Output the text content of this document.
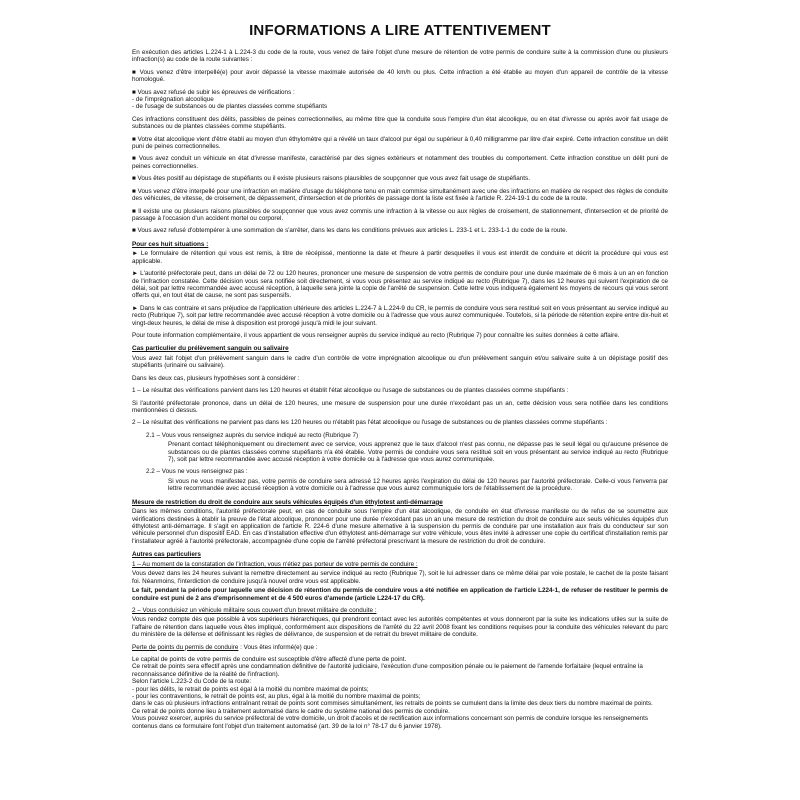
INFORMATIONS A LIRE ATTENTIVEMENT
En exécution des articles L.224-1 à L.224-3 du code de la route, vous venez de faire l'objet d'une mesure de rétention de votre permis de conduire suite à la commission d'une ou plusieurs infraction(s) au code de la route suivantes :
■ Vous venez d'être interpellé(e) pour avoir dépassé la vitesse maximale autorisée de 40 km/h ou plus. Cette infraction a été établie au moyen d'un appareil de contrôle de la vitesse homologué.
■ Vous avez refusé de subir les épreuves de vérifications :
- de l'imprégnation alcoolique
- de l'usage de substances ou de plantes classées comme stupéfiants
Ces infractions constituent des délits, passibles de peines correctionnelles, au même titre que la conduite sous l'empire d'un état alcoolique, ou en état d'ivresse ou après avoir fait usage de substances ou de plantes classées comme stupéfiants.
■ Votre état alcoolique vient d'être établi au moyen d'un éthylomètre qui a révélé un taux d'alcool pur égal ou supérieur à 0,40 milligramme par litre d'air expiré. Cette infraction constitue un délit puni de peines correctionnelles.
■ Vous avez conduit un véhicule en état d'ivresse manifeste, caractérisé par des signes extérieurs et notamment des troubles du comportement. Cette infraction constitue un délit puni de peines correctionnelles.
■ Vous êtes positif au dépistage de stupéfiants ou il existe plusieurs raisons plausibles de soupçonner que vous avez fait usage de stupéfiants.
■ Vous venez d'être interpellé pour une infraction en matière d'usage du téléphone tenu en main commise simultanément avec une des infractions en matière de respect des règles de conduite des véhicules, de vitesse, de croisement, de dépassement, d'intersection et de priorités de passage dont la liste est fixée à l'article R. 224-19-1 du code de la route.
■ Il existe une ou plusieurs raisons plausibles de soupçonner que vous avez commis une infraction à la vitesse ou aux règles de croisement, de stationnement, d'intersection et de priorité de passage à l'occasion d'un accident mortel ou corporel.
■ Vous avez refusé d'obtempérer à une sommation de s'arrêter, dans les dans les conditions prévues aux articles L. 233-1 et L. 233-1-1 du code de la route.
Pour ces huit situations :
► Le formulaire de rétention qui vous est remis, à titre de récépissé, mentionne la date et l'heure à partir desquelles il vous est interdit de conduire et décrit la procédure qui vous est applicable.
► L'autorité préfectorale peut, dans un délai de 72 ou 120 heures, prononcer une mesure de suspension de votre permis de conduire pour une durée maximale de 6 mois à un an en fonction de l'infraction constatée. Cette décision vous sera notifiée soit directement, si vous vous présentez au service indiqué au recto (Rubrique 7), dans les 12 heures qui suivent l'expiration de ce délai, soit par lettre recommandée avec accusé réception, à laquelle sera jointe la copie de l'arrêté de suspension. Cette lettre vous indiquera également les moyens de recours qui vous seront offerts qui, en tout état de cause, ne sont pas suspensifs.
► Dans le cas contraire et sans préjudice de l'application ultérieure des articles L.224-7 à L.224-9 du CR, le permis de conduire vous sera restitué soit en vous présentant au service indiqué au recto (Rubrique 7), soit par lettre recommandée avec accusé réception à votre domicile ou à l'adresse que vous aurez communiquée. Toutefois, si la période de rétention expire entre dix-huit et vingt-deux heures, le délai de mise à disposition est prorogé jusqu'à midi le jour suivant.
Pour toute information complémentaire, il vous appartient de vous renseigner auprès du service indiqué au recto (Rubrique 7) pour connaître les suites données à cette affaire.
Cas particulier du prélèvement sanguin ou salivaire
Vous avez fait l'objet d'un prélèvement sanguin dans le cadre d'un contrôle de votre imprégnation alcoolique ou d'un prélèvement sanguin et/ou salivaire suite à un dépistage positif des stupéfiants (urinaire ou salivaire).
Dans les deux cas, plusieurs hypothèses sont à considérer :
1 – Le résultat des vérifications parvient dans les 120 heures et établit l'état alcoolique ou l'usage de substances ou de plantes classées comme stupéfiants :
Si l'autorité préfectorale prononce, dans un délai de 120 heures, une mesure de suspension pour une durée n'excédant pas un an, cette décision vous sera notifiée dans les conditions mentionnées ci dessus.
2 – Le résultat des vérifications ne parvient pas dans les 120 heures ou n'établit pas l'état alcoolique ou l'usage de substances ou de plantes classées comme stupéfiants :
2.1 – Vous vous renseignez auprès du service indiqué au recto (Rubrique 7)
Prenant contact téléphoniquement ou directement avec ce service, vous apprenez que le taux d'alcool n'est pas connu, ne dépasse pas le seuil légal ou qu'aucune présence de substances ou de plantes classées comme stupéfiants n'a été établie. Votre permis de conduire vous sera restitué soit en vous présentant au service indiqué au recto (Rubrique 7), soit par lettre recommandée avec accusé réception à votre domicile ou à l'adresse que vous aurez communiquée.
2.2 – Vous ne vous renseignez pas :
Si vous ne vous manifestez pas, votre permis de conduire sera adressé 12 heures après l'expiration du délai de 120 heures par l'autorité préfectorale. Celle-ci vous l'enverra par lettre recommandée avec accusé réception à votre domicile ou à l'adresse que vous aurez communiquée lors de l'établissement de la procédure.
Mesure de restriction du droit de conduire aux seuls véhicules équipés d'un éthylotest anti-démarrage
Dans les mêmes conditions, l'autorité préfectorale peut, en cas de conduite sous l'empire d'un état alcoolique, de conduite en état d'ivresse manifeste ou de refus de se soumettre aux vérifications destinées à établir la preuve de l'état alcoolique, prononcer pour une durée n'excédant pas un an une mesure de restriction du droit de conduire aux seuls véhicules équipés d'un éthylotest anti-démarrage. Il s'agit en application de l'article R. 224-6 d'une mesure alternative à la suspension du permis de conduire par une installation aux frais du conducteur sur son véhicule personnel d'un dispositif EAD. En cas d'installation effective d'un éthylotest anti-démarrage sur votre véhicule, vous êtes invité à adresser une copie du certificat d'installation remis par l'installateur agréé à l'autorité préfectorale, accompagnée d'une copie de l'arrêté préfectoral prescrivant la mesure de restriction du droit de conduire.
Autres cas particuliers
1 – Au moment de la constatation de l'infraction, vous n'étiez pas porteur de votre permis de conduire :
Vous devez dans les 24 heures suivant la remettre directement au service indiqué au recto (Rubrique 7), soit le lui adresser dans ce même délai par voie postale, le cachet de la poste faisant foi. Néanmoins, l'interdiction de conduire jusqu'à nouvel ordre vous est applicable.
Le fait, pendant la période pour laquelle une décision de rétention du permis de conduire vous a été notifiée en application de l'article L224-1, de refuser de restituer le permis de conduire est puni de 2 ans d'emprisonnement et de 4 500 euros d'amende (article L224-17 du CR).
2 – Vous conduisiez un véhicule militaire sous couvert d'un brevet militaire de conduite :
Vous rendez compte dès que possible à vos supérieurs hiérarchiques, qui prendront contact avec les autorités compétentes et vous donneront par la suite les indications utiles sur la suite de l'affaire de rétention dans laquelle vous êtes impliqué, conformément aux dispositions de l'arrêté du 22 avril 2008 fixant les conditions requises pour la conduite des véhicules relevant du parc du ministère de la défense et définissant les règles de délivrance, de suspension et de retrait du brevet militaire de conduite.
Perte de points du permis de conduire : Vous êtes informé(e) que :
Le capital de points de votre permis de conduire est susceptible d'être affecté d'une perte de point.
Ce retrait de points sera effectif après une condamnation définitive de l'autorité judiciaire, l'exécution d'une composition pénale ou le paiement de l'amende forfaitaire (lequel entraîne la reconnaissance définitive de la réalité de l'infraction).
Selon l'article L.223-2 du Code de la route:
- pour les délits, le retrait de points est égal à la moitié du nombre maximal de points;
- pour les contraventions, le retrait de points est, au plus, égal à la moitié du nombre maximal de points;
dans le cas où plusieurs infractions entraînant retrait de points sont commises simultanément, les retraits de points se cumulent dans la limite des deux tiers du nombre maximal de points.
Ce retrait de points donne lieu à traitement automatisé dans le cadre du système national des permis de conduire.
Vous pouvez exercer, auprès du service préfectoral de votre domicile, un droit d'accès et de rectification aux informations concernant son permis de conduire lorsque les renseignements contenus dans ce formulaire font l'objet d'un traitement automatisé (art. 39 de la loi n° 78-17 du 6 janvier 1978).
